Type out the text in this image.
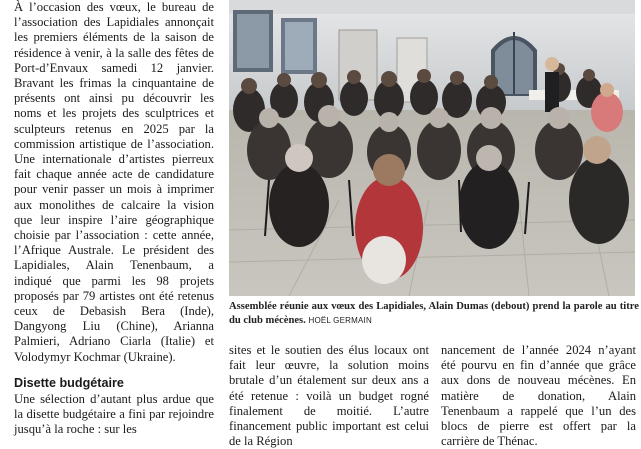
À l’occasion des vœux, le bureau de l’association des Lapidiales annonçait les premiers éléments de la saison de résidence à venir, à la salle des fêtes de Port-d’Envaux samedi 12 janvier. Bravant les frimas la cinquantaine de présents ont ainsi pu découvrir les noms et les projets des sculptrices et sculpteurs retenus en 2025 par la commission artistique de l’association. Une internationale d’artistes pierreux fait chaque année acte de candidature pour venir passer un mois à imprimer aux monolithes de calcaire la vision que leur inspire l’aire géographique choisie par l’association : cette année, l’Afrique Australe. Le président des Lapidiales, Alain Tenenbaum, a indiqué que parmi les 98 projets proposés par 79 artistes ont été retenus ceux de Debasish Bera (Inde), Dangyong Liu (Chine), Arianna Palmieri, Adriano Ciarla (Italie) et Volodymyr Kochmar (Ukraine).

Disette budgétaire

Une sélection d’autant plus ardue que la disette budgétaire a fini par rejoindre jusqu’à la roche : sur les

Assemblée réunie aux vœux des Lapidiales, Alain Dumas (debout) prend la parole au titre du club mécènes. HOËL GERMAIN

sites et le soutien des élus locaux ont fait leur œuvre, la solution moins brutale d’un étalement sur deux ans a été retenue : voilà un budget rogné finalement de moitié. L’autre financement public important est celui de la Région

nancement de l’année 2024 n’ayant été pourvu en fin d’année que grâce aux dons de nouveau mécènes. En matière de donation, Alain Tenenbaum a rappelé que l’un des blocs de pierre est offert par la carrière de Thénac.
